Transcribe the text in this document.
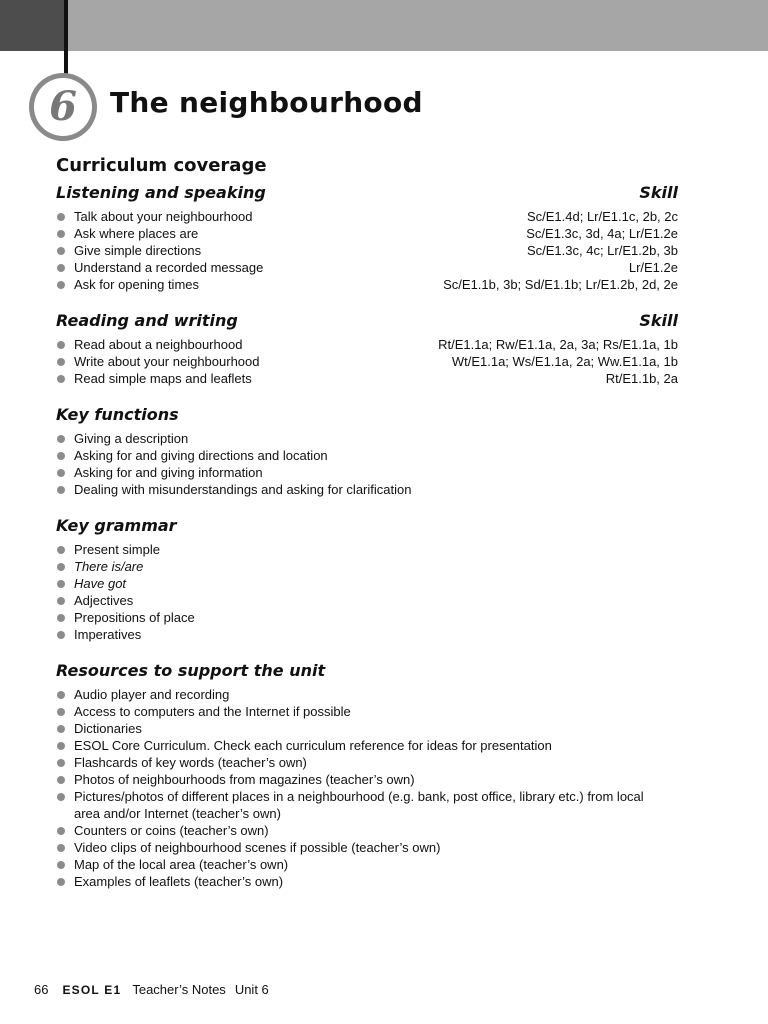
6 The neighbourhood
Curriculum coverage
Listening and speaking	Skill
Talk about your neighbourhood	Sc/E1.4d; Lr/E1.1c, 2b, 2c
Ask where places are	Sc/E1.3c, 3d, 4a; Lr/E1.2e
Give simple directions	Sc/E1.3c, 4c; Lr/E1.2b, 3b
Understand a recorded message	Lr/E1.2e
Ask for opening times	Sc/E1.1b, 3b; Sd/E1.1b; Lr/E1.2b, 2d, 2e
Reading and writing	Skill
Read about a neighbourhood	Rt/E1.1a; Rw/E1.1a, 2a, 3a; Rs/E1.1a, 1b
Write about your neighbourhood	Wt/E1.1a; Ws/E1.1a, 2a; Ww.E1.1a, 1b
Read simple maps and leaflets	Rt/E1.1b, 2a
Key functions
Giving a description
Asking for and giving directions and location
Asking for and giving information
Dealing with misunderstandings and asking for clarification
Key grammar
Present simple
There is/are
Have got
Adjectives
Prepositions of place
Imperatives
Resources to support the unit
Audio player and recording
Access to computers and the Internet if possible
Dictionaries
ESOL Core Curriculum. Check each curriculum reference for ideas for presentation
Flashcards of key words (teacher’s own)
Photos of neighbourhoods from magazines (teacher’s own)
Pictures/photos of different places in a neighbourhood (e.g. bank, post office, library etc.) from local area and/or Internet (teacher’s own)
Counters or coins (teacher’s own)
Video clips of neighbourhood scenes if possible (teacher’s own)
Map of the local area (teacher’s own)
Examples of leaflets (teacher’s own)
66 ESOL E1 Teacher’s Notes Unit 6
